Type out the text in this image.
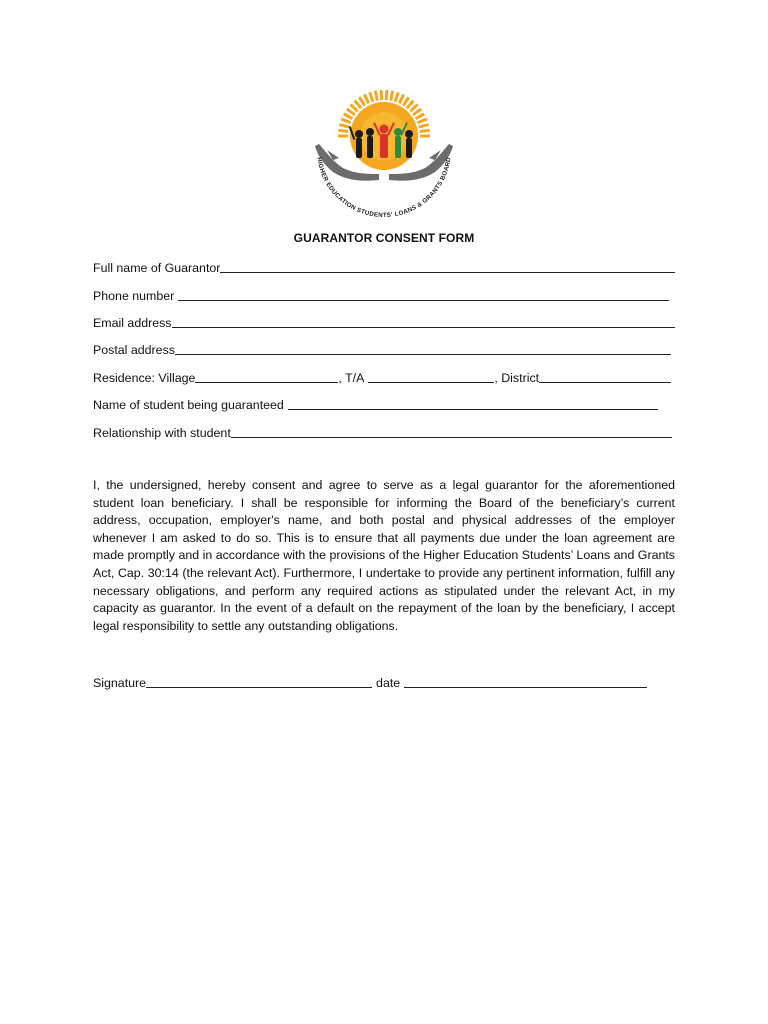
HIGHER EDUCATION STUDENTS' LOANS & GRANTS BOARD
GUARANTOR CONSENT FORM
Full name of Guarantor
Phone number
Email address
Postal address
Residence: Village	, T/A	, District
Name of student being guaranteed
Relationship with student

I, the undersigned, hereby consent and agree to serve as a legal guarantor for the aforementioned student loan beneficiary. I shall be responsible for informing the Board of the beneficiary’s current address, occupation, employer's name, and both postal and physical addresses of the employer whenever I am asked to do so. This is to ensure that all payments due under the loan agreement are made promptly and in accordance with the provisions of the Higher Education Students’ Loans and Grants Act, Cap. 30:14 (the relevant Act). Furthermore, I undertake to provide any pertinent information, fulfill any necessary obligations, and perform any required actions as stipulated under the relevant Act, in my capacity as guarantor. In the event of a default on the repayment of the loan by the beneficiary, I accept legal responsibility to settle any outstanding obligations.

Signature	date
